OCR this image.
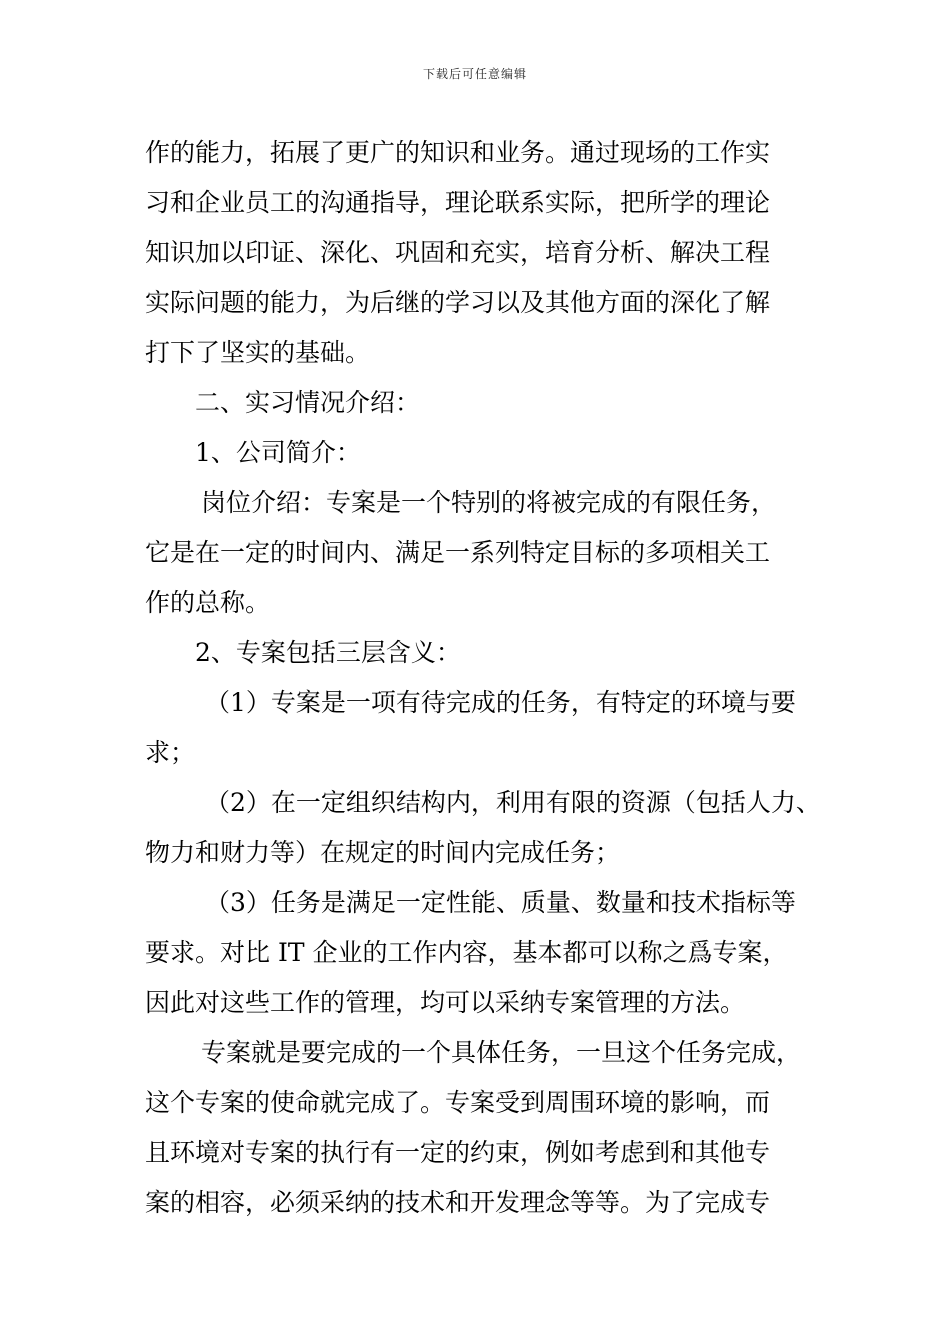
下载后可任意编辑
作的能力，拓展了更广的知识和业务。通过现场的工作实
习和企业员工的沟通指导，理论联系实际，把所学的理论
知识加以印证、深化、巩固和充实，培育分析、解决工程
实际问题的能力，为后继的学习以及其他方面的深化了解
打下了坚实的基础。
二、实习情况介绍：
1、公司简介：
岗位介绍：专案是一个特别的将被完成的有限任务，
它是在一定的时间内、满足一系列特定目标的多项相关工
作的总称。
2、专案包括三层含义：
（1）专案是一项有待完成的任务，有特定的环境与要
求；
（2）在一定组织结构内，利用有限的资源（包括人力、
物力和财力等）在规定的时间内完成任务；
（3）任务是满足一定性能、质量、数量和技术指标等
要求。对比 IT 企业的工作内容，基本都可以称之爲专案，
因此对这些工作的管理，均可以采纳专案管理的方法。
专案就是要完成的一个具体任务，一旦这个任务完成，
这个专案的使命就完成了。专案受到周围环境的影响，而
且环境对专案的执行有一定的约束，例如考虑到和其他专
案的相容，必须采纳的技术和开发理念等等。为了完成专
